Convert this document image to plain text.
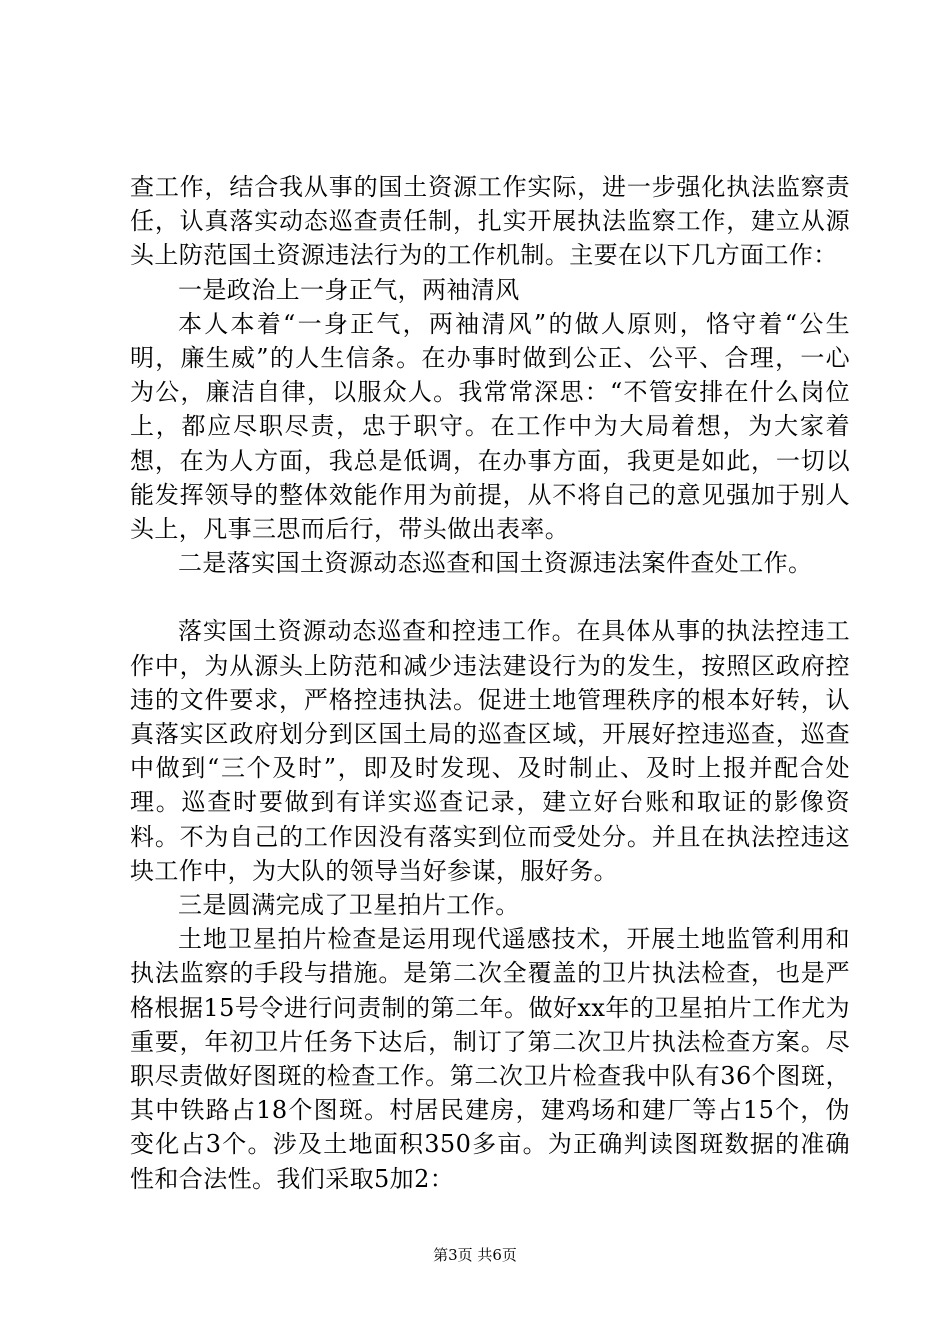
查工作，结合我从事的国土资源工作实际，进一步强化执法监察责任，认真落实动态巡查责任制，扎实开展执法监察工作，建立从源头上防范国土资源违法行为的工作机制。主要在以下几方面工作：

一是政治上一身正气，两袖清风

本人本着“一身正气，两袖清风”的做人原则，恪守着“公生明，廉生威”的人生信条。在办事时做到公正、公平、合理，一心为公，廉洁自律，以服众人。我常常深思：“不管安排在什么岗位上，都应尽职尽责，忠于职守。在工作中为大局着想，为大家着想，在为人方面，我总是低调，在办事方面，我更是如此，一切以能发挥领导的整体效能作用为前提，从不将自己的意见强加于别人头上，凡事三思而后行，带头做出表率。

二是落实国土资源动态巡查和国土资源违法案件查处工作。

落实国土资源动态巡查和控违工作。在具体从事的执法控违工作中，为从源头上防范和减少违法建设行为的发生，按照区政府控违的文件要求，严格控违执法。促进土地管理秩序的根本好转，认真落实区政府划分到区国土局的巡查区域，开展好控违巡查，巡查中做到“三个及时”，即及时发现、及时制止、及时上报并配合处理。巡查时要做到有详实巡查记录，建立好台账和取证的影像资料。不为自己的工作因没有落实到位而受处分。并且在执法控违这块工作中，为大队的领导当好参谋，服好务。

三是圆满完成了卫星拍片工作。

土地卫星拍片检查是运用现代遥感技术，开展土地监管利用和执法监察的手段与措施。是第二次全覆盖的卫片执法检查，也是严格根据15号令进行问责制的第二年。做好xx年的卫星拍片工作尤为重要，年初卫片任务下达后，制订了第二次卫片执法检查方案。尽职尽责做好图斑的检查工作。第二次卫片检查我中队有36个图斑，其中铁路占18个图斑。村居民建房，建鸡场和建厂等占15个，伪变化占3个。涉及土地面积350多亩。为正确判读图斑数据的准确性和合法性。我们采取5加2：

第3页 共6页
